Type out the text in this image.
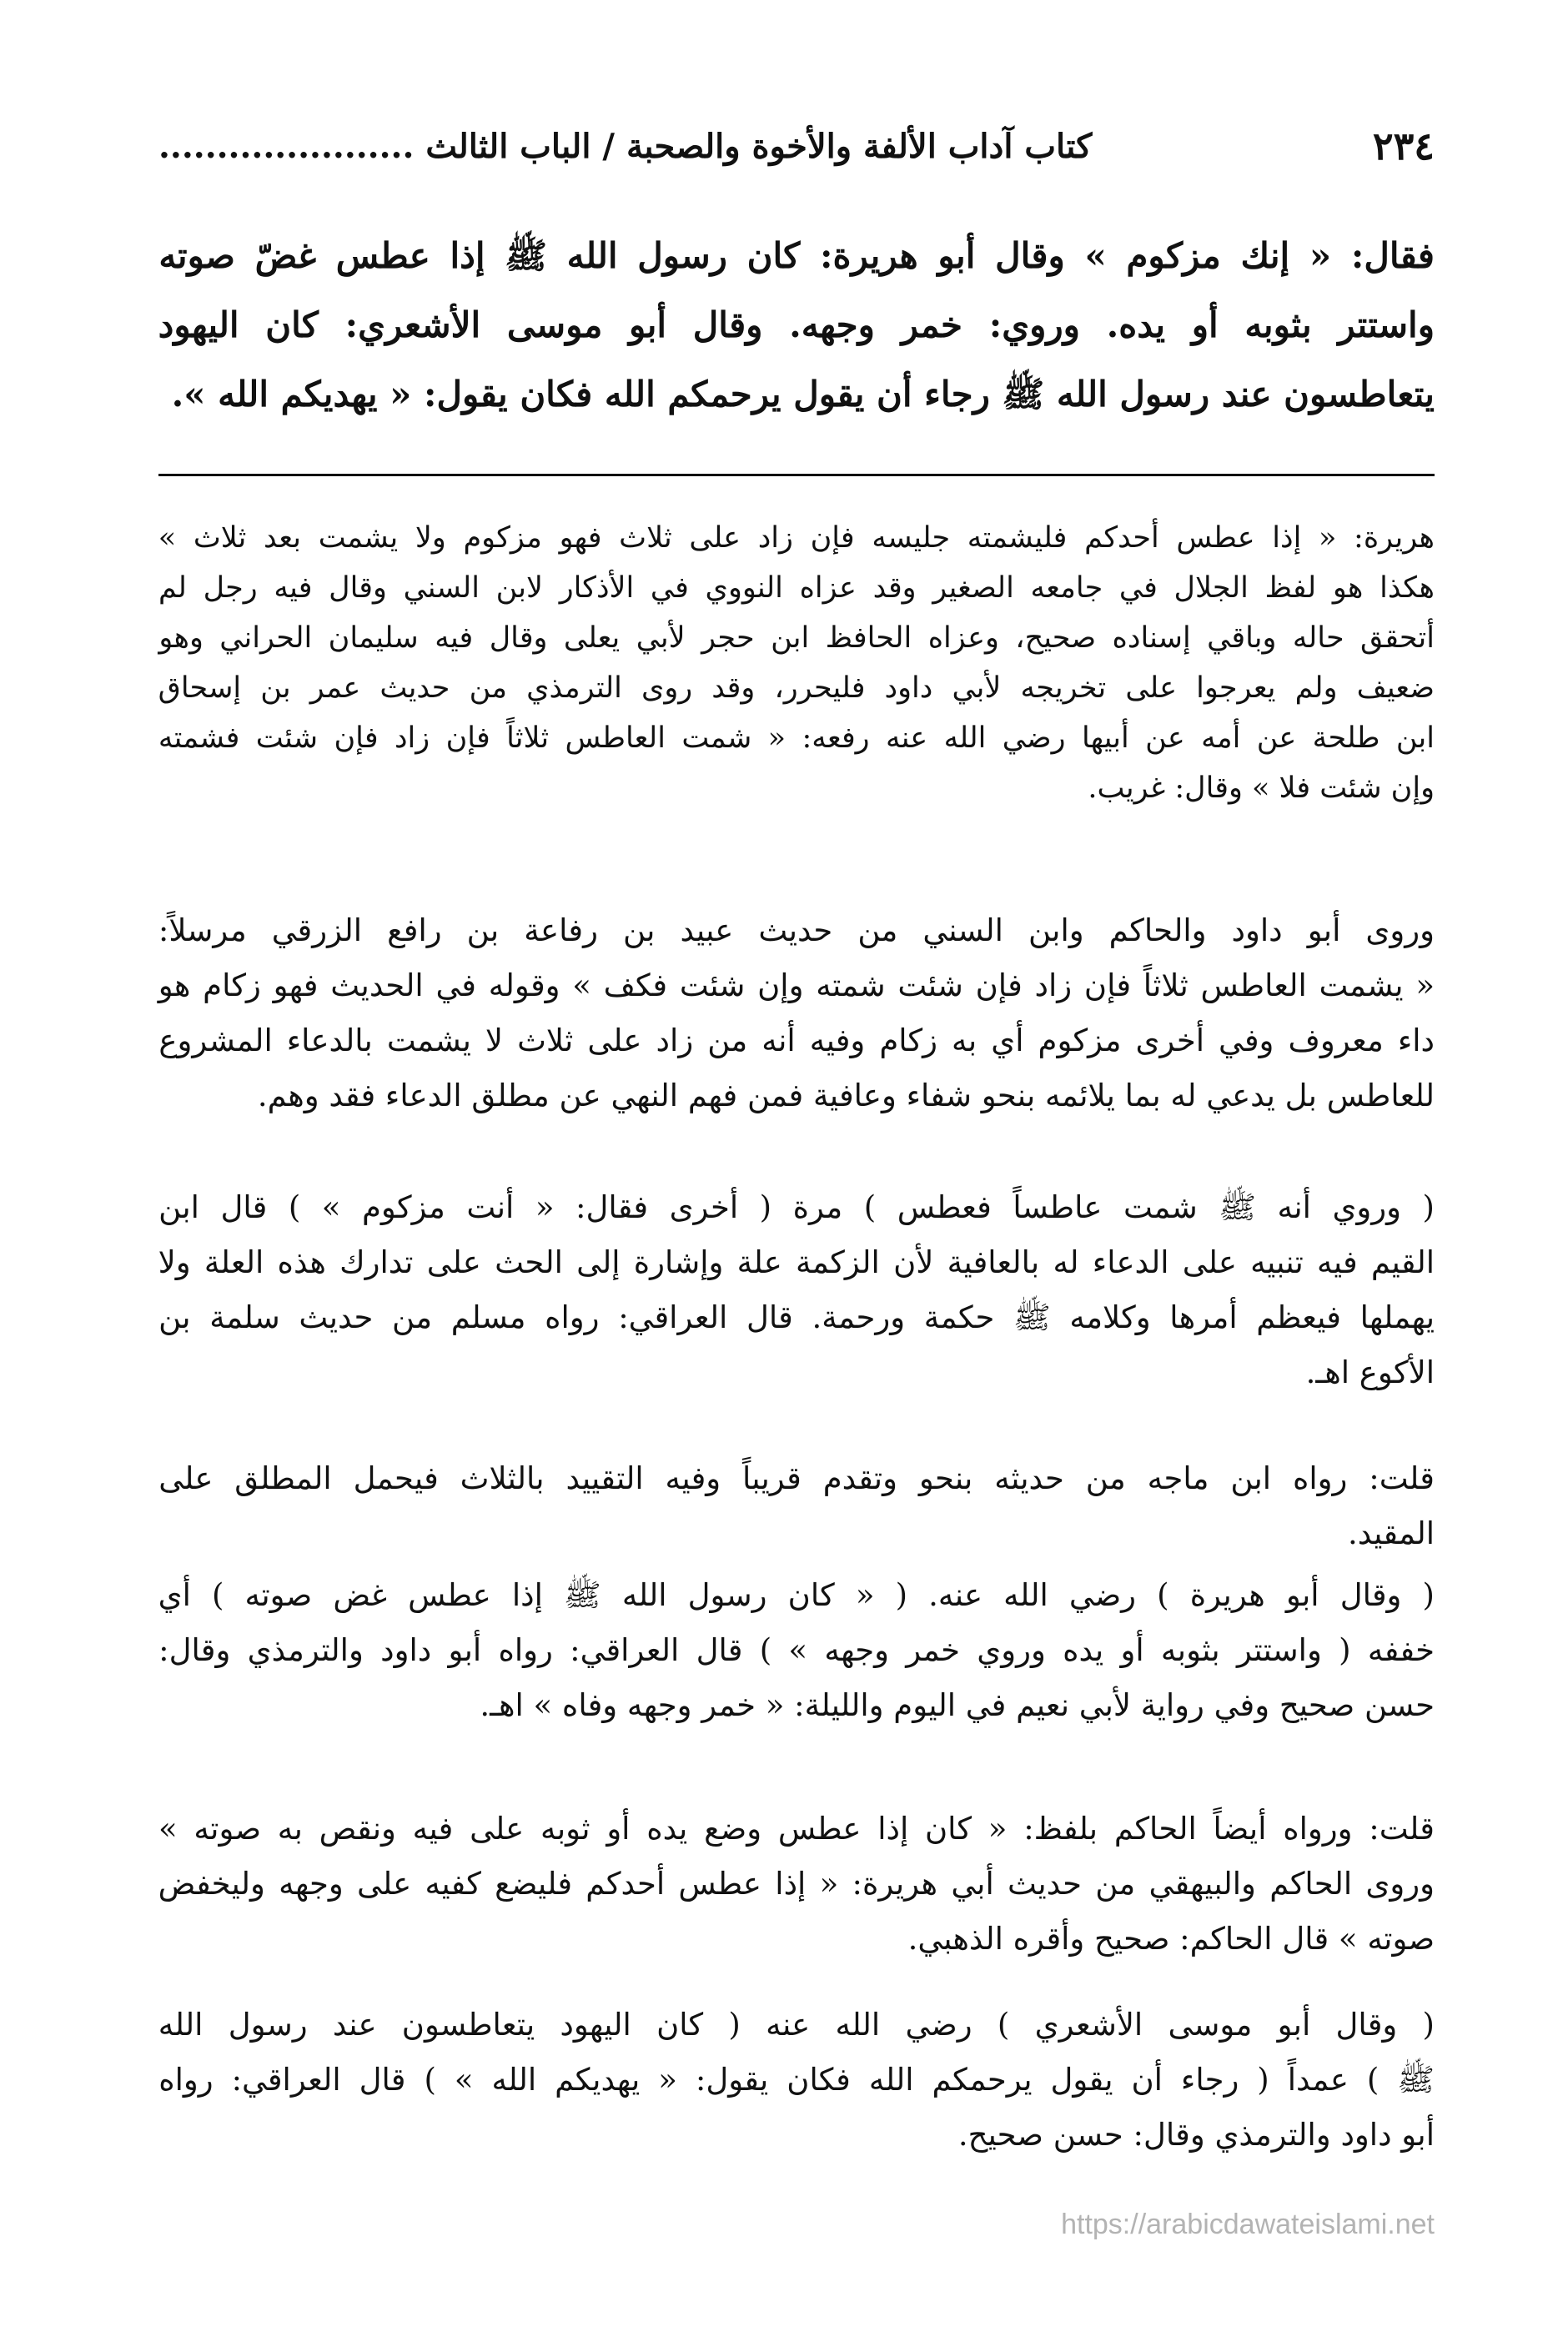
٢٣٤
كتاب آداب الألفة والأخوة والصحبة / الباب الثالث ......................
فقال: « إنك مزكوم » وقال أبو هريرة: كان رسول الله ﷺ إذا عطس غضّ صوته
واستتر بثوبه أو يده. وروي: خمر وجهه. وقال أبو موسى الأشعري: كان اليهود
يتعاطسون عند رسول الله ﷺ رجاء أن يقول يرحمكم الله فكان يقول: « يهديكم الله ».
هريرة: « إذا عطس أحدكم فليشمته جليسه فإن زاد على ثلاث فهو مزكوم ولا يشمت بعد ثلاث »
هكذا هو لفظ الجلال في جامعه الصغير وقد عزاه النووي في الأذكار لابن السني وقال فيه رجل لم
أتحقق حاله وباقي إسناده صحيح، وعزاه الحافظ ابن حجر لأبي يعلى وقال فيه سليمان الحراني وهو
ضعيف ولم يعرجوا على تخريجه لأبي داود فليحرر، وقد روى الترمذي من حديث عمر بن إسحاق
ابن طلحة عن أمه عن أبيها رضي الله عنه رفعه: « شمت العاطس ثلاثاً فإن زاد فإن شئت فشمته
وإن شئت فلا » وقال: غريب.
وروى أبو داود والحاكم وابن السني من حديث عبيد بن رفاعة بن رافع الزرقي مرسلاً:
« يشمت العاطس ثلاثاً فإن زاد فإن شئت شمته وإن شئت فكف » وقوله في الحديث فهو زكام هو
داء معروف وفي أخرى مزكوم أي به زكام وفيه أنه من زاد على ثلاث لا يشمت بالدعاء المشروع
للعاطس بل يدعي له بما يلائمه بنحو شفاء وعافية فمن فهم النهي عن مطلق الدعاء فقد وهم.
( وروي أنه ﷺ شمت عاطساً فعطس ) مرة ( أخرى فقال: « أنت مزكوم » ) قال ابن
القيم فيه تنبيه على الدعاء له بالعافية لأن الزكمة علة وإشارة إلى الحث على تدارك هذه العلة ولا
يهملها فيعظم أمرها وكلامه ﷺ حكمة ورحمة. قال العراقي: رواه مسلم من حديث سلمة بن
الأكوع اهـ.
قلت: رواه ابن ماجه من حديثه بنحو وتقدم قريباً وفيه التقييد بالثلاث فيحمل المطلق على
المقيد.
( وقال أبو هريرة ) رضي الله عنه. ( « كان رسول الله ﷺ إذا عطس غض صوته ) أي
خففه ( واستتر بثوبه أو يده وروي خمر وجهه » ) قال العراقي: رواه أبو داود والترمذي وقال:
حسن صحيح وفي رواية لأبي نعيم في اليوم والليلة: « خمر وجهه وفاه » اهـ.
قلت: ورواه أيضاً الحاكم بلفظ: « كان إذا عطس وضع يده أو ثوبه على فيه ونقص به صوته »
وروى الحاكم والبيهقي من حديث أبي هريرة: « إذا عطس أحدكم فليضع كفيه على وجهه وليخفض
صوته » قال الحاكم: صحيح وأقره الذهبي.
( وقال أبو موسى الأشعري ) رضي الله عنه ( كان اليهود يتعاطسون عند رسول الله
ﷺ ) عمداً ( رجاء أن يقول يرحمكم الله فكان يقول: « يهديكم الله » ) قال العراقي: رواه
أبو داود والترمذي وقال: حسن صحيح.
https://arabicdawateislami.net
